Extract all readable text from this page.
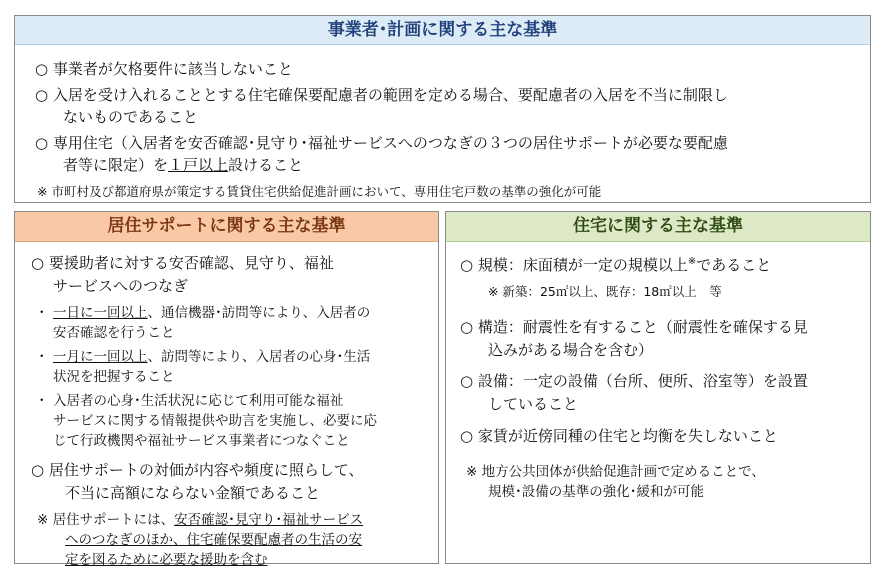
事業者･計画に関する主な基準
○ 事業者が欠格要件に該当しないこと
○ 入居を受け入れることとする住宅確保要配慮者の範囲を定める場合、要配慮者の入居を不当に制限し
ないものであること
○ 専用住宅（入居者を安否確認･見守り･福祉サービスへのつなぎの３つの居住サポートが必要な要配慮
者等に限定）を１戸以上設けること
※ 市町村及び都道府県が策定する賃貸住宅供給促進計画において、専用住宅戸数の基準の強化が可能
居住サポートに関する主な基準
○ 要援助者に対する安否確認、見守り、福祉
サービスへのつなぎ
・ 一日に一回以上、通信機器･訪問等により、入居者の
安否確認を行うこと
・ 一月に一回以上、訪問等により、入居者の心身･生活
状況を把握すること
・ 入居者の心身･生活状況に応じて利用可能な福祉
サービスに関する情報提供や助言を実施し、必要に応
じて行政機関や福祉サービス事業者につなぐこと
○ 居住サポートの対価が内容や頻度に照らして、
不当に高額にならない金額であること
※ 居住サポートには、安否確認･見守り･福祉サービス
へのつなぎのほか、住宅確保要配慮者の生活の安
定を図るために必要な援助を含む
住宅に関する主な基準
○ 規模：床面積が一定の規模以上※であること
※ 新築：25㎡以上、既存：18㎡以上　等
○ 構造：耐震性を有すること（耐震性を確保する見
込みがある場合を含む）
○ 設備：一定の設備（台所、便所、浴室等）を設置
していること
○ 家賃が近傍同種の住宅と均衡を失しないこと
※ 地方公共団体が供給促進計画で定めることで、
規模･設備の基準の強化･緩和が可能
